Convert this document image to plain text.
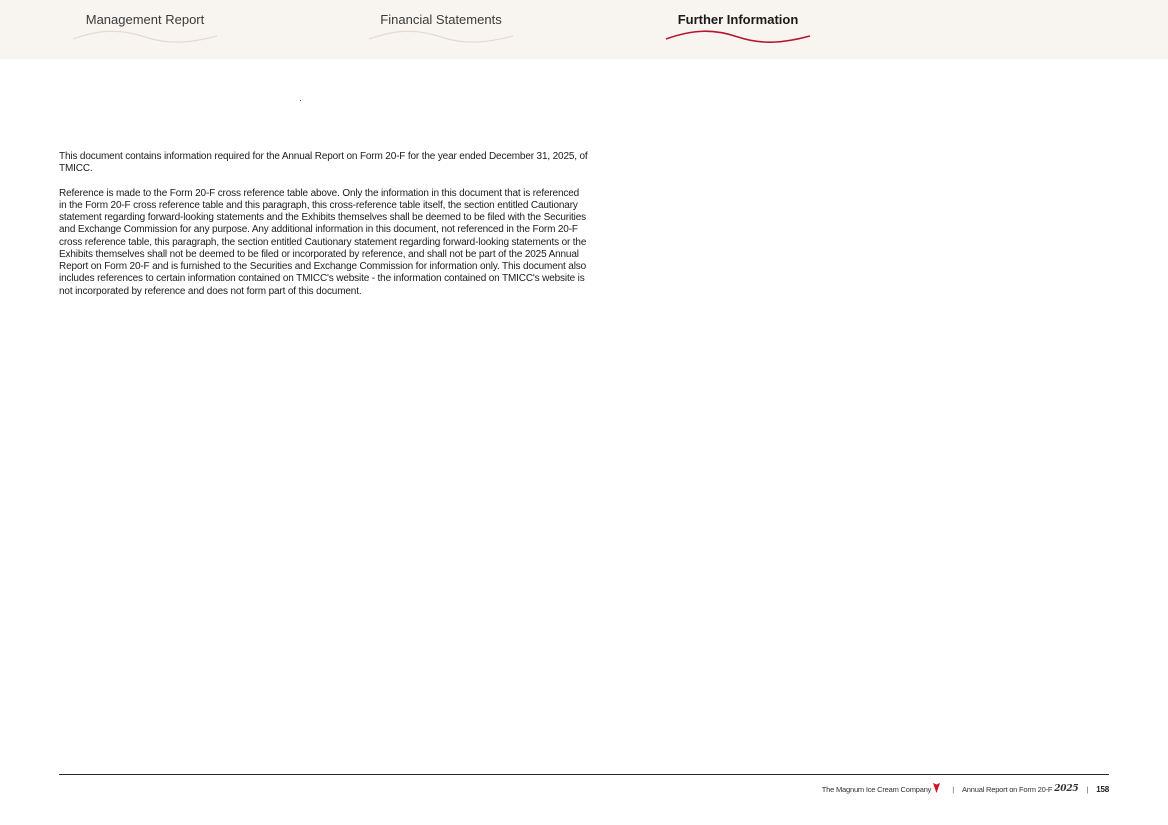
Management Report	Financial Statements	Further Information

This document contains information required for the Annual Report on Form 20-F for the year ended December 31, 2025, of TMICC.

Reference is made to the Form 20-F cross reference table above. Only the information in this document that is referenced in the Form 20-F cross reference table and this paragraph, this cross-reference table itself, the section entitled Cautionary statement regarding forward-looking statements and the Exhibits themselves shall be deemed to be filed with the Securities and Exchange Commission for any purpose. Any additional information in this document, not referenced in the Form 20-F cross reference table, this paragraph, the section entitled Cautionary statement regarding forward-looking statements or the Exhibits themselves shall not be deemed to be filed or incorporated by reference, and shall not be part of the 2025 Annual Report on Form 20-F and is furnished to the Securities and Exchange Commission for information only. This document also includes references to certain information contained on TMICC's website - the information contained on TMICC's website is not incorporated by reference and does not form part of this document.

The Magnum Ice Cream Company	| Annual Report on Form 20-F 2025 | 158
